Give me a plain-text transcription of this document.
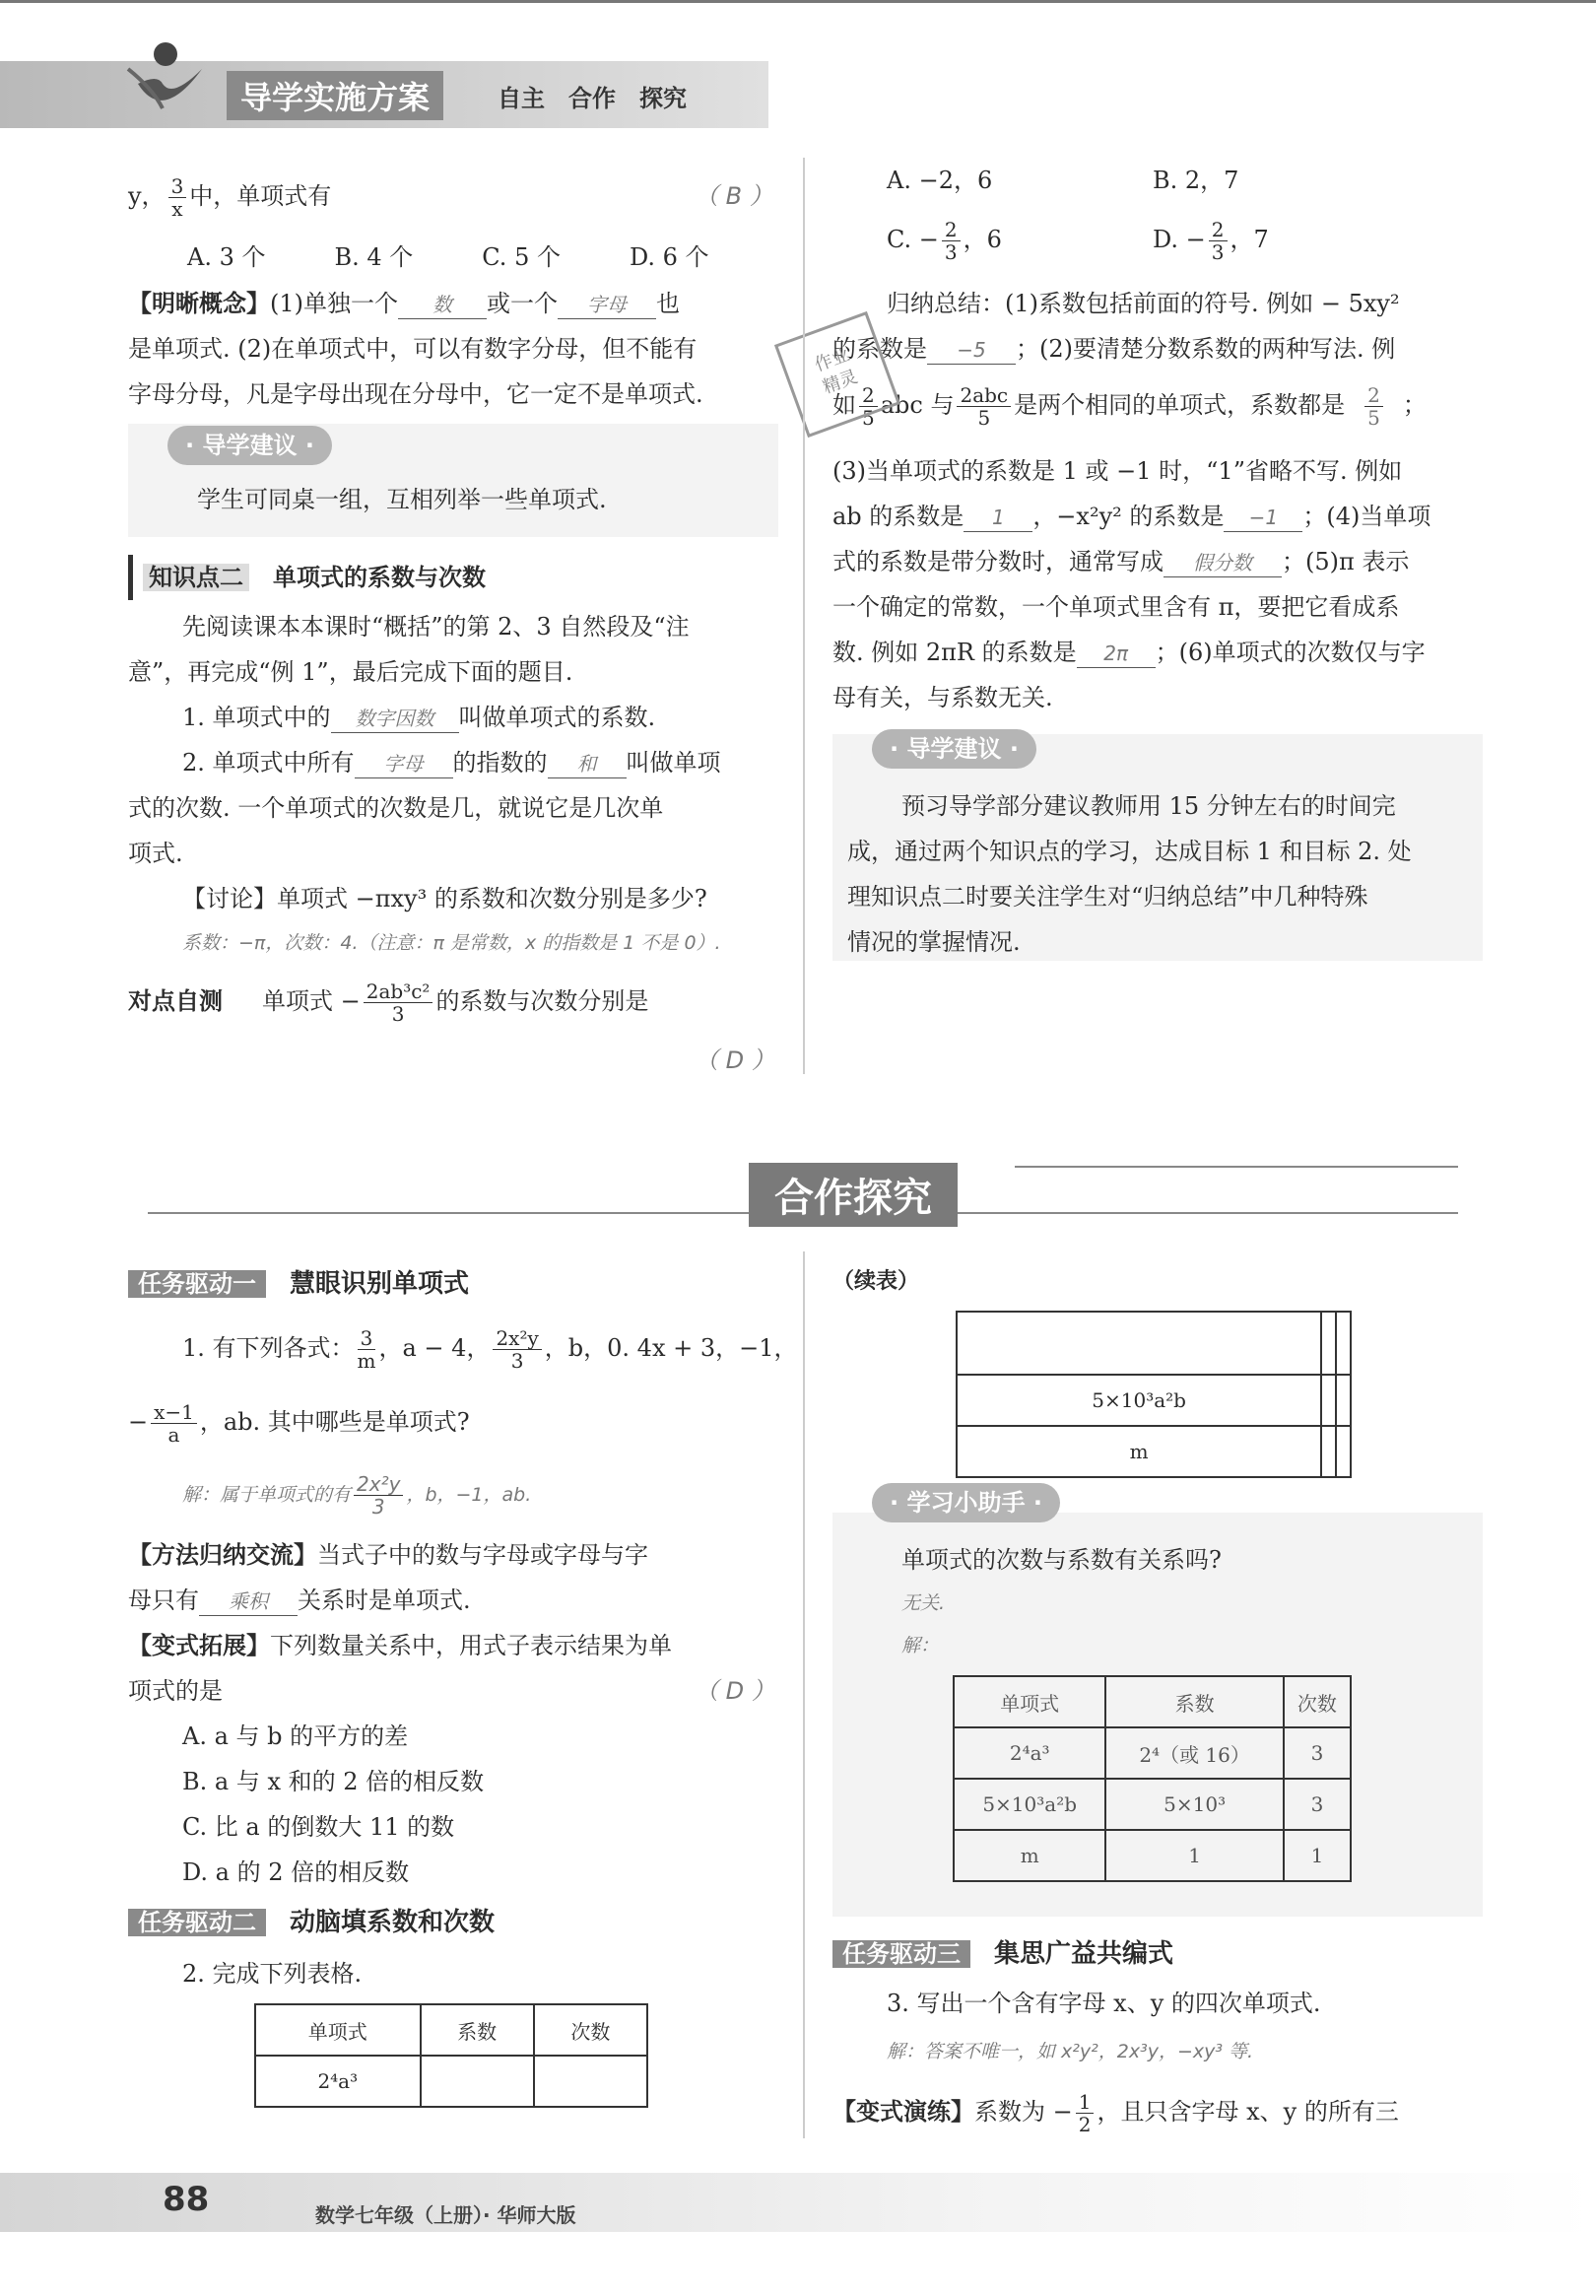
导学实施方案	自主　合作　探究
y， $\frac{3}{x}$ 中，单项式有	（ B ）
A. 3 个	B. 4 个	C. 5 个	D. 6 个
【明晰概念】(1)单独一个 数 或一个 字母 也
是单项式. (2)在单项式中，可以有数字分母，但不能有
字母分母，凡是字母出现在分母中，它一定不是单项式.
· 导学建议 ·
学生可同桌一组，互相列举一些单项式.
知识点二　 单项式的系数与次数
先阅读课本本课时“概括”的第 2、3 自然段及“注
意”，再完成“例 1”，最后完成下面的题目.
1. 单项式中的 数字因数 叫做单项式的系数.
2. 单项式中所有 字母 的指数的 和 叫做单项
式的次数. 一个单项式的次数是几，就说它是几次单
项式.
【讨论】单项式 −πxy³ 的系数和次数分别是多少?
系数：−π，次数：4.（注意：π 是常数，x 的指数是 1 不是 0）.
对点自测 单项式 − $\frac{\text{2ab³c²}}{3}$ 的系数与次数分别是
（ D ）
A. −2，6	B. 2，7
C. − $\frac{2}{3}$ ，6	D. − $\frac{2}{3}$ ，7
归纳总结：(1)系数包括前面的符号. 例如 − 5xy²
的系数是 −5 ；(2)要清楚分数系数的两种写法. 例
如 $\frac{2}{5}$ abc 与 $\frac{\text{2abc}}{5}$ 是两个相同的单项式，系数都是 $\frac{2}{5}$ ；
作业
精灵
(3)当单项式的系数是 1 或 −1 时，“1”省略不写. 例如
ab 的系数是 1 ，−x²y² 的系数是 −1 ；(4)当单项
式的系数是带分数时，通常写成 假分数 ；(5)π 表示
一个确定的常数，一个单项式里含有 π，要把它看成系
数. 例如 2πR 的系数是 2π ；(6)单项式的次数仅与字
母有关，与系数无关.
· 导学建议 ·
预习导学部分建议教师用 15 分钟左右的时间完
成，通过两个知识点的学习，达成目标 1 和目标 2. 处
理知识点二时要关注学生对“归纳总结”中几种特殊
情况的掌握情况.
合作探究
任务驱动一 慧眼识别单项式
1. 有下列各式： $\frac{3}{m}$ ，a − 4， $\frac{\text{2x²y}}{3}$ ，b，0. 4x + 3，−1，
− $\frac{x-1}{a}$ ，ab. 其中哪些是单项式?
解：属于单项式的有 $\frac{\text{2x²y}}{3}$ ，b，−1，ab.
【方法归纳交流】当式子中的数与字母或字母与字
母只有 乘积 关系时是单项式.
【变式拓展】下列数量关系中，用式子表示结果为单
项式的是	（ D ）
A. a 与 b 的平方的差
B. a 与 x 和的 2 倍的相反数
C. 比 a 的倒数大 11 的数
D. a 的 2 倍的相反数
任务驱动二 动脑填系数和次数
2. 完成下列表格.
单项式	系数	次数
2⁴a³		
（续表）

5×10³a²b		
m		
· 学习小助手 ·
单项式的次数与系数有关系吗?
无关.
解：
单项式	系数	次数
2⁴a³	2⁴（或 16）	3
5×10³a²b	5×10³	3
m	1	1
任务驱动三 集思广益共编式
3. 写出一个含有字母 x、y 的四次单项式.
解：答案不唯一，如 x²y²，2x³y，−xy³ 等.
【变式演练】系数为 − $\frac{1}{2}$ ，且只含字母 x、y 的所有三
88	数学七年级（上册）· 华师大版
